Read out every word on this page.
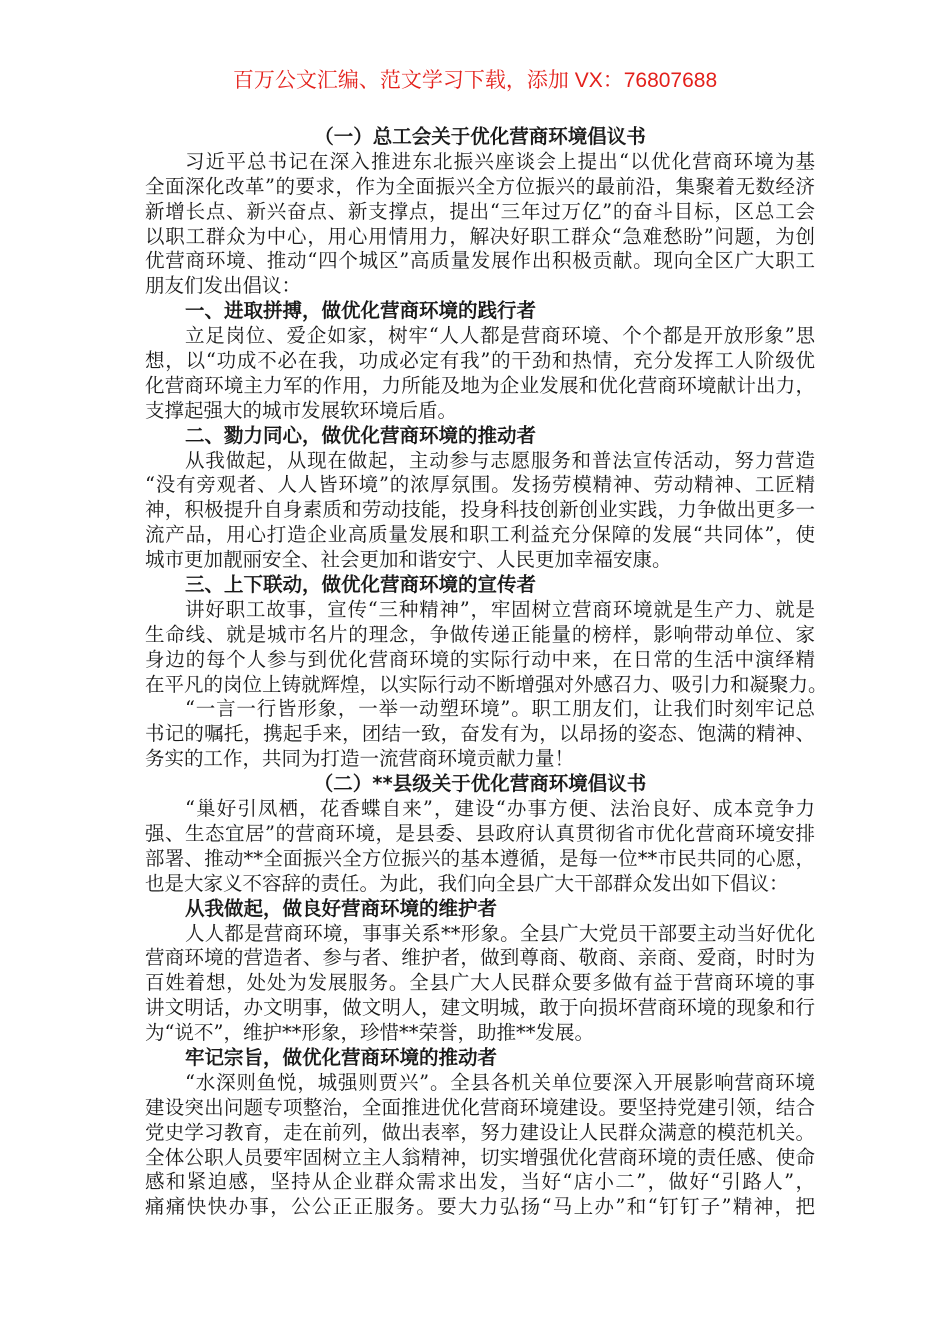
百万公文汇编、范文学习下载，添加 VX：76807688
（一）总工会关于优化营商环境倡议书
习近平总书记在深入推进东北振兴座谈会上提出“以优化营商环境为基
全面深化改革”的要求，作为全面振兴全方位振兴的最前沿，集聚着无数经济
新增长点、新兴奋点、新支撑点，提出“三年过万亿”的奋斗目标，区总工会
以职工群众为中心，用心用情用力，解决好职工群众“急难愁盼”问题，为创
优营商环境、推动“四个城区”高质量发展作出积极贡献。现向全区广大职工
朋友们发出倡议：
一、进取拼搏，做优化营商环境的践行者
立足岗位、爱企如家，树牢“人人都是营商环境、个个都是开放形象”思
想，以“功成不必在我，功成必定有我”的干劲和热情，充分发挥工人阶级优
化营商环境主力军的作用，力所能及地为企业发展和优化营商环境献计出力，
支撑起强大的城市发展软环境后盾。
二、勠力同心，做优化营商环境的推动者
从我做起，从现在做起，主动参与志愿服务和普法宣传活动，努力营造
“没有旁观者、人人皆环境”的浓厚氛围。发扬劳模精神、劳动精神、工匠精
神，积极提升自身素质和劳动技能，投身科技创新创业实践，力争做出更多一
流产品，用心打造企业高质量发展和职工利益充分保障的发展“共同体”，使
城市更加靓丽安全、社会更加和谐安宁、人民更加幸福安康。
三、上下联动，做优化营商环境的宣传者
讲好职工故事，宣传“三种精神”，牢固树立营商环境就是生产力、就是
生命线、就是城市名片的理念，争做传递正能量的榜样，影响带动单位、家
身边的每个人参与到优化营商环境的实际行动中来，在日常的生活中演绎精
在平凡的岗位上铸就辉煌，以实际行动不断增强对外感召力、吸引力和凝聚力。
“一言一行皆形象，一举一动塑环境”。职工朋友们，让我们时刻牢记总
书记的嘱托，携起手来，团结一致，奋发有为，以昂扬的姿态、饱满的精神、
务实的工作，共同为打造一流营商环境贡献力量！
（二）**县级关于优化营商环境倡议书
“巢好引凤栖，花香蝶自来”，建设“办事方便、法治良好、成本竞争力
强、生态宜居”的营商环境，是县委、县政府认真贯彻省市优化营商环境安排
部署、推动**全面振兴全方位振兴的基本遵循，是每一位**市民共同的心愿，
也是大家义不容辞的责任。为此，我们向全县广大干部群众发出如下倡议：
从我做起，做良好营商环境的维护者
人人都是营商环境，事事关系**形象。全县广大党员干部要主动当好优化
营商环境的营造者、参与者、维护者，做到尊商、敬商、亲商、爱商，时时为
百姓着想，处处为发展服务。全县广大人民群众要多做有益于营商环境的事
讲文明话，办文明事，做文明人，建文明城，敢于向损坏营商环境的现象和行
为“说不”，维护**形象，珍惜**荣誉，助推**发展。
牢记宗旨，做优化营商环境的推动者
“水深则鱼悦，城强则贾兴”。全县各机关单位要深入开展影响营商环境
建设突出问题专项整治，全面推进优化营商环境建设。要坚持党建引领，结合
党史学习教育，走在前列，做出表率，努力建设让人民群众满意的模范机关。
全体公职人员要牢固树立主人翁精神，切实增强优化营商环境的责任感、使命
感和紧迫感，坚持从企业群众需求出发，当好“店小二”，做好“引路人”，
痛痛快快办事，公公正正服务。要大力弘扬“马上办”和“钉钉子”精神，把
